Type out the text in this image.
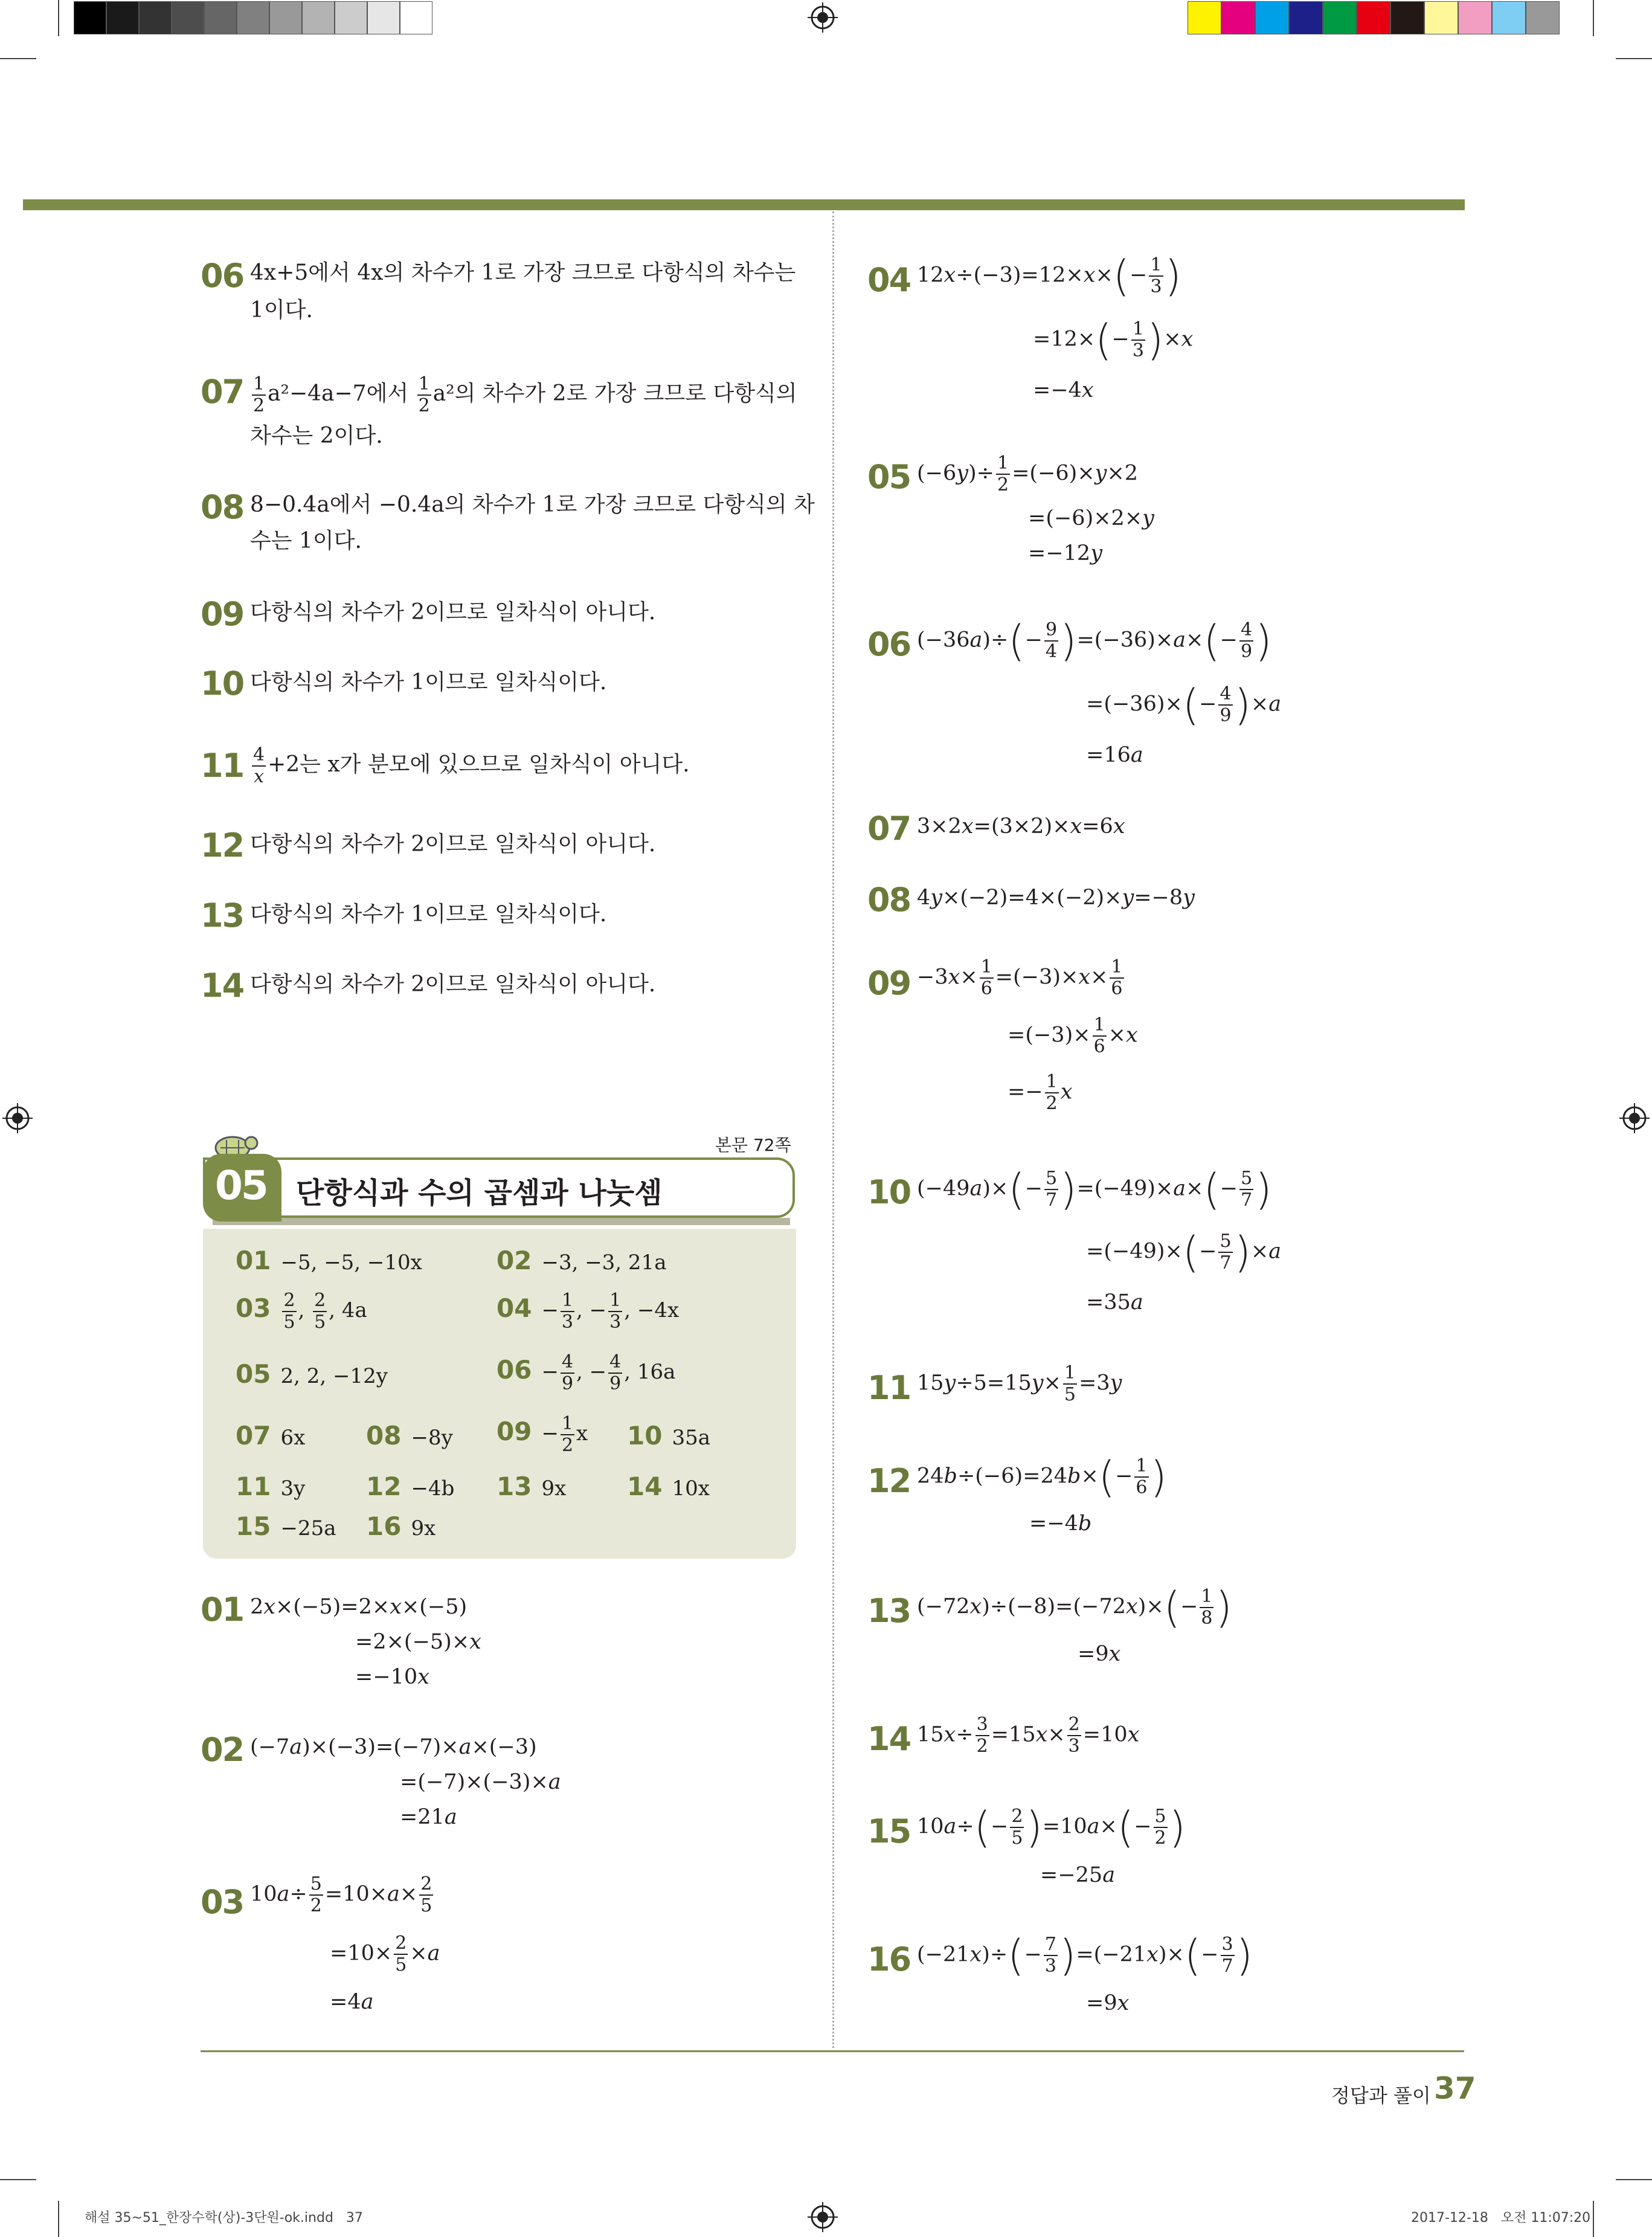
06 4x+5에서 4x의 차수가 1로 가장 크므로 다항식의 차수는
1이다.
$07 \frac{1}{2} a^2-4a-7$에서 $\frac{1}{2} a^2$의 차수가 2로 가장 크므로 다항식의
차수는 2이다.
08 8−0.4a에서 −0.4a의 차수가 1로 가장 크므로 다항식의 차
수는 1이다.
09 다항식의 차수가 2이므로 일차식이 아니다.
10 다항식의 차수가 1이므로 일차식이다.
$11 \frac{4}{x} +2$는 x가 분모에 있으므로 일차식이 아니다.
12 다항식의 차수가 2이므로 일차식이 아니다.
13 다항식의 차수가 1이므로 일차식이다.
14 다항식의 차수가 2이므로 일차식이 아니다.
본문 72쪽
05 단항식과 수의 곱셈과 나눗셈
01 −5, −5, −10x	02 −3, −3, 21a
$03 \frac{2}{5}$ , $\frac{2}{5}$ , 4a	$04 - \frac{1}{3}$ , − $\frac{1}{3}$ , −4x
05 2, 2, −12y	$06 - \frac{4}{9}$ , − $\frac{4}{9}$ , 16a
07 6x 08 −8y $09 - \frac{1}{2}$ x 10 35a
11 3y 12 −4b 13 9x 14 10x
15 −25a 16 9x
01 2x×(−5)=2×x×(−5)
=2×(−5)×x
=−10x
02 (−7a)×(−3)=(−7)×a×(−3)
=(−7)×(−3)×a
=21a
03 $10a\div \frac{5}{2} =10\times a\times \frac{2}{5}$
$=10\times \frac{2}{5} \times a$
=4a
04 $12x\div(-3)=12\times x\times(- \frac{1}{3}$ )
$=12\times(- \frac{1}{3} )\times x$
=−4x
05 $(-6y)\div \frac{1}{2} =(-6)\times y\times 2$
=(−6)×2×y
=−12y
06 $(-36a)\div(- \frac{9}{4} )=(-36)\times a\times(- \frac{4}{9}$ )
$=(-36)\times(- \frac{4}{9} )\times a$
=16a
07 3×2x=(3×2)×x=6x
08 4y×(−2)=4×(−2)×y=−8y
$09 -3x\times \frac{1}{6} =(-3)\times x\times \frac{1}{6}$
$=(-3)\times \frac{1}{6} \times x$
=− $\frac{1}{2}$ x
10 $(-49a)\times(- \frac{5}{7} )=(-49)\times a\times(- \frac{5}{7}$ )
$=(-49)\times(- \frac{5}{7} )\times a$
=35a
11 $15y\div 5=15y\times \frac{1}{5} =3y$
12 $24b\div(-6)=24b\times(- \frac{1}{6}$ )
=−4b
13 $(-72x)\div(-8)=(-72x)\times(- \frac{1}{8}$ )
=9x
14 $15x\div \frac{3}{2} =15x\times \frac{2}{3} =10x$
15 $10a\div(- \frac{2}{5} )=10a\times(- \frac{5}{2}$ )
=−25a
16 $(-21x)\div(- \frac{7}{3} )=(-21x)\times(- \frac{3}{7}$ )
=9x
정답과 풀이 37
해설 35~51_한장수학(상)-3단원-ok.indd   37	2017-12-18   오전 11:07:20
